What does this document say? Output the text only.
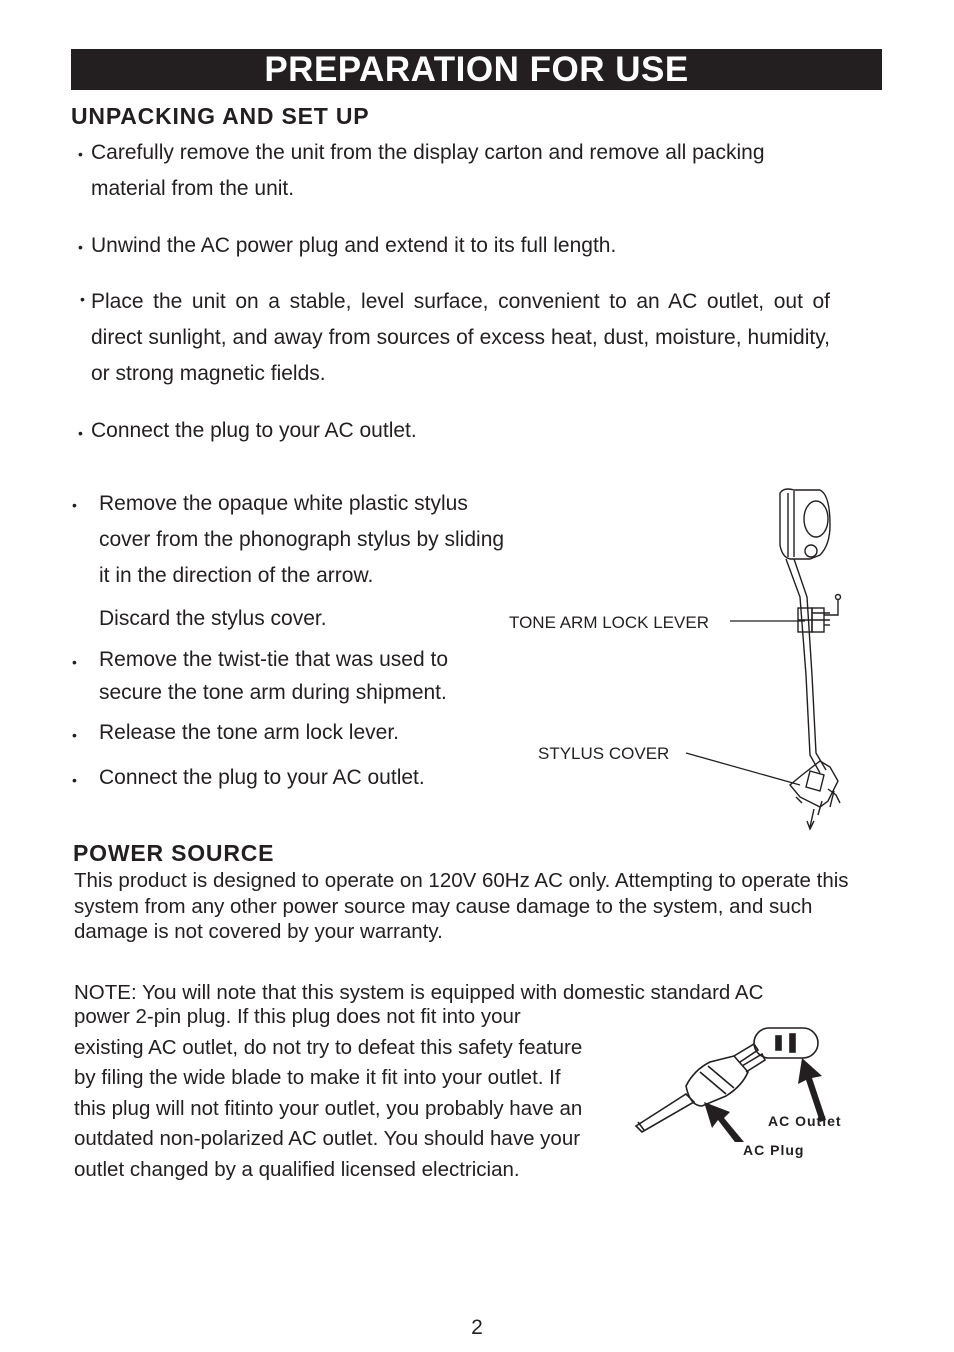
PREPARATION FOR USE
UNPACKING AND SET UP
• Carefully remove the unit from the display carton and remove all packing material from the unit.
• Unwind the AC power plug and extend it to its full length.
• Place the unit on a stable, level surface, convenient to an AC outlet, out of direct sunlight, and away from sources of excess heat, dust, moisture, humidity, or strong magnetic fields.
• Connect the plug to your AC outlet.
• Remove the opaque white plastic stylus cover from the phonograph stylus by sliding it in the direction of the arrow.
Discard the stylus cover.
• Remove the twist-tie that was used to secure the tone arm during shipment.
• Release the tone arm lock lever.
• Connect the plug to your AC outlet.
TONE ARM LOCK LEVER
STYLUS COVER
POWER SOURCE
This product is designed to operate on 120V 60Hz AC only. Attempting to operate this system from any other power source may cause damage to the system, and such damage is not covered by your warranty.
NOTE: You will note that this system is equipped with domestic standard AC
power 2-pin plug. If this plug does not fit into your existing AC outlet, do not try to defeat this safety feature by filing the wide blade to make it fit into your outlet. If this plug will not fitinto your outlet, you probably have an outdated non-polarized AC outlet. You should have your outlet changed by a qualified licensed electrician.
AC Outlet
AC Plug
2
